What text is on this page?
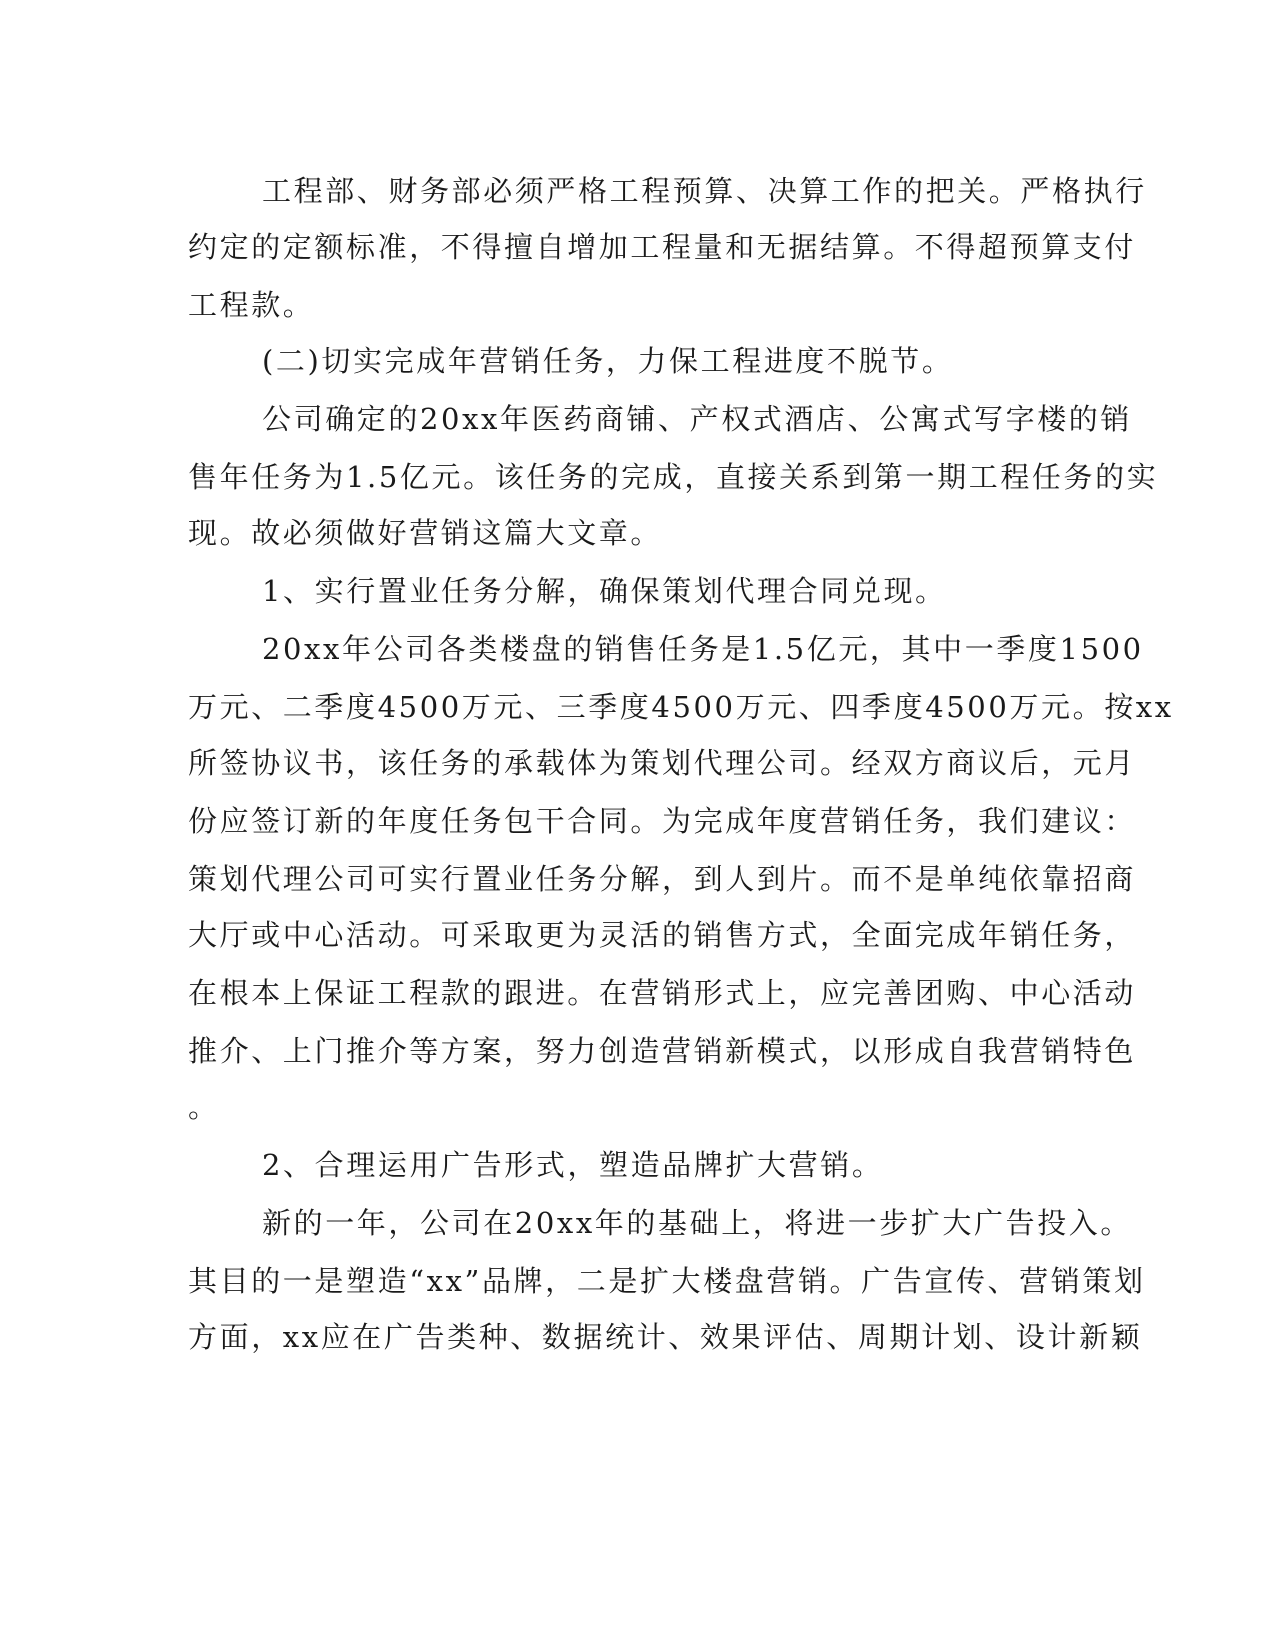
工程部、财务部必须严格工程预算、决算工作的把关。严格执行
约定的定额标准，不得擅自增加工程量和无据结算。不得超预算支付
工程款。
(二)切实完成年营销任务，力保工程进度不脱节。
公司确定的20xx年医药商铺、产权式酒店、公寓式写字楼的销
售年任务为1.5亿元。该任务的完成，直接关系到第一期工程任务的实
现。故必须做好营销这篇大文章。
1、实行置业任务分解，确保策划代理合同兑现。
20xx年公司各类楼盘的销售任务是1.5亿元，其中一季度1500
万元、二季度4500万元、三季度4500万元、四季度4500万元。按xx
所签协议书，该任务的承载体为策划代理公司。经双方商议后，元月
份应签订新的年度任务包干合同。为完成年度营销任务，我们建议：
策划代理公司可实行置业任务分解，到人到片。而不是单纯依靠招商
大厅或中心活动。可采取更为灵活的销售方式，全面完成年销任务，
在根本上保证工程款的跟进。在营销形式上，应完善团购、中心活动
推介、上门推介等方案，努力创造营销新模式，以形成自我营销特色
。
2、合理运用广告形式，塑造品牌扩大营销。
新的一年，公司在20xx年的基础上，将进一步扩大广告投入。
其目的一是塑造“xx”品牌，二是扩大楼盘营销。广告宣传、营销策划
方面，xx应在广告类种、数据统计、效果评估、周期计划、设计新颖
